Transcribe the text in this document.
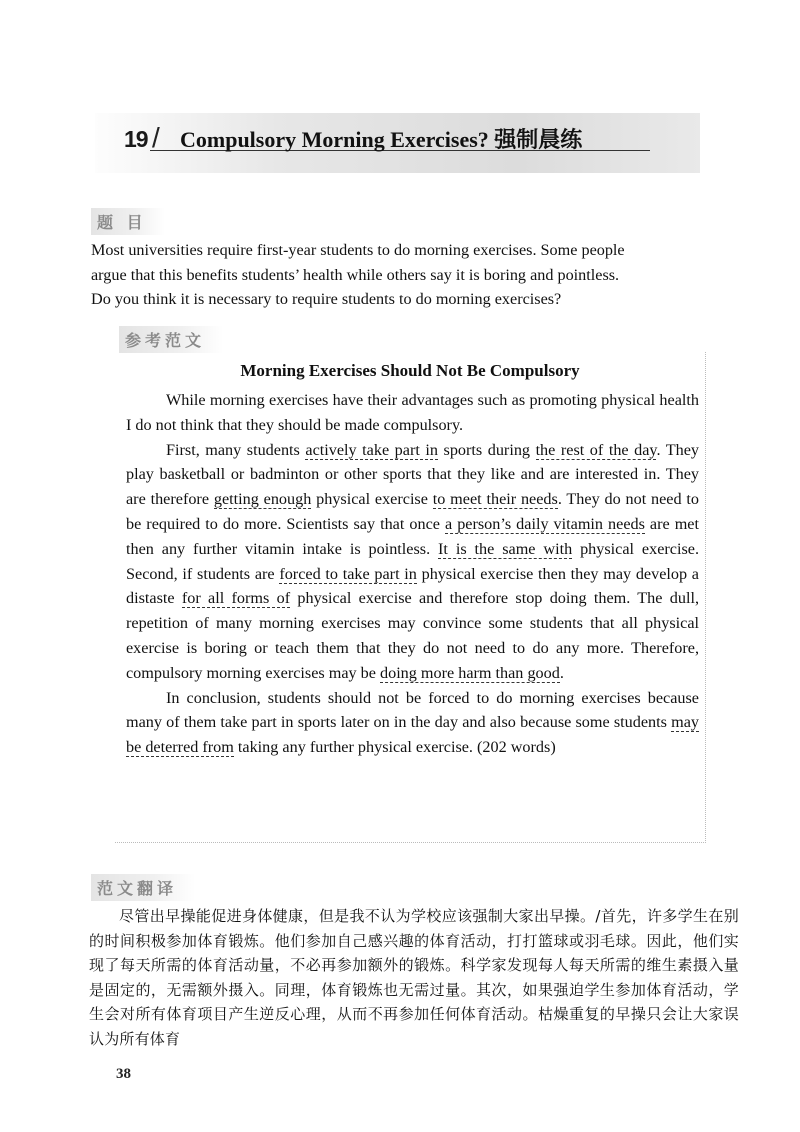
19 / Compulsory Morning Exercises? 强制晨练
题 目

Most universities require first-year students to do morning exercises. Some people

argue that this benefits students’ health while others say it is boring and pointless.

Do you think it is necessary to require students to do morning exercises?

参考范文
Morning Exercises Should Not Be Compulsory

While morning exercises have their advantages such as promoting physical health I do not think that they should be made compulsory.

First, many students actively take part in sports during the rest of the day. They play basketball or badminton or other sports that they like and are interested in. They are therefore getting enough physical exercise to meet their needs. They do not need to be required to do more. Scientists say that once a person’s daily vitamin needs are met then any further vitamin intake is pointless. It is the same with physical exercise. Second, if students are forced to take part in physical exercise then they may develop a distaste for all forms of physical exercise and therefore stop doing them. The dull, repetition of many morning exercises may convince some students that all physical exercise is boring or teach them that they do not need to do any more. Therefore, compulsory morning exercises may be doing more harm than good.

In conclusion, students should not be forced to do morning exercises because many of them take part in sports later on in the day and also because some students may be deterred from taking any further physical exercise. (202 words)

范文翻译

尽管出早操能促进身体健康，但是我不认为学校应该强制大家出早操。/首先，许多学生在别的时间积极参加体育锻炼。他们参加自己感兴趣的体育活动，打打篮球或羽毛球。因此，他们实现了每天所需的体育活动量，不必再参加额外的锻炼。科学家发现每人每天所需的维生素摄入量是固定的，无需额外摄入。同理，体育锻炼也无需过量。其次，如果强迫学生参加体育活动，学生会对所有体育项目产生逆反心理，从而不再参加任何体育活动。枯燥重复的早操只会让大家误认为所有体育

38
